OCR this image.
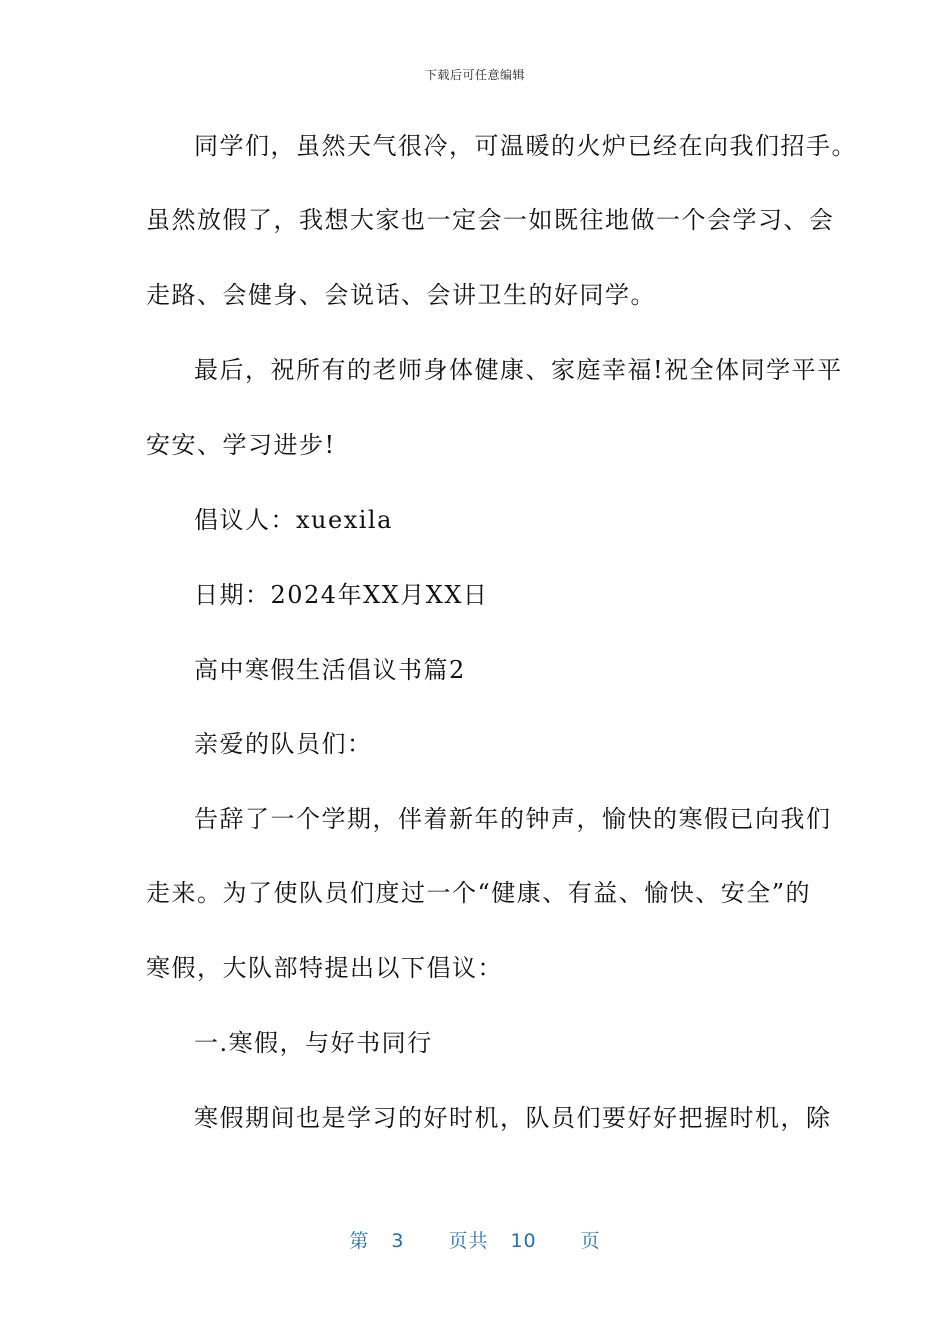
下载后可任意编辑
同学们，虽然天气很冷，可温暖的火炉已经在向我们招手。
虽然放假了，我想大家也一定会一如既往地做一个会学习、会
走路、会健身、会说话、会讲卫生的好同学。
最后，祝所有的老师身体健康、家庭幸福!祝全体同学平平
安安、学习进步!
倡议人：xuexila
日期：2024年XX月XX日
高中寒假生活倡议书篇2
亲爱的队员们：
告辞了一个学期，伴着新年的钟声，愉快的寒假已向我们
走来。为了使队员们度过一个“健康、有益、愉快、安全”的
寒假，大队部特提出以下倡议：
一.寒假，与好书同行
寒假期间也是学习的好时机，队员们要好好把握时机，除
第 3 页共 10 页
